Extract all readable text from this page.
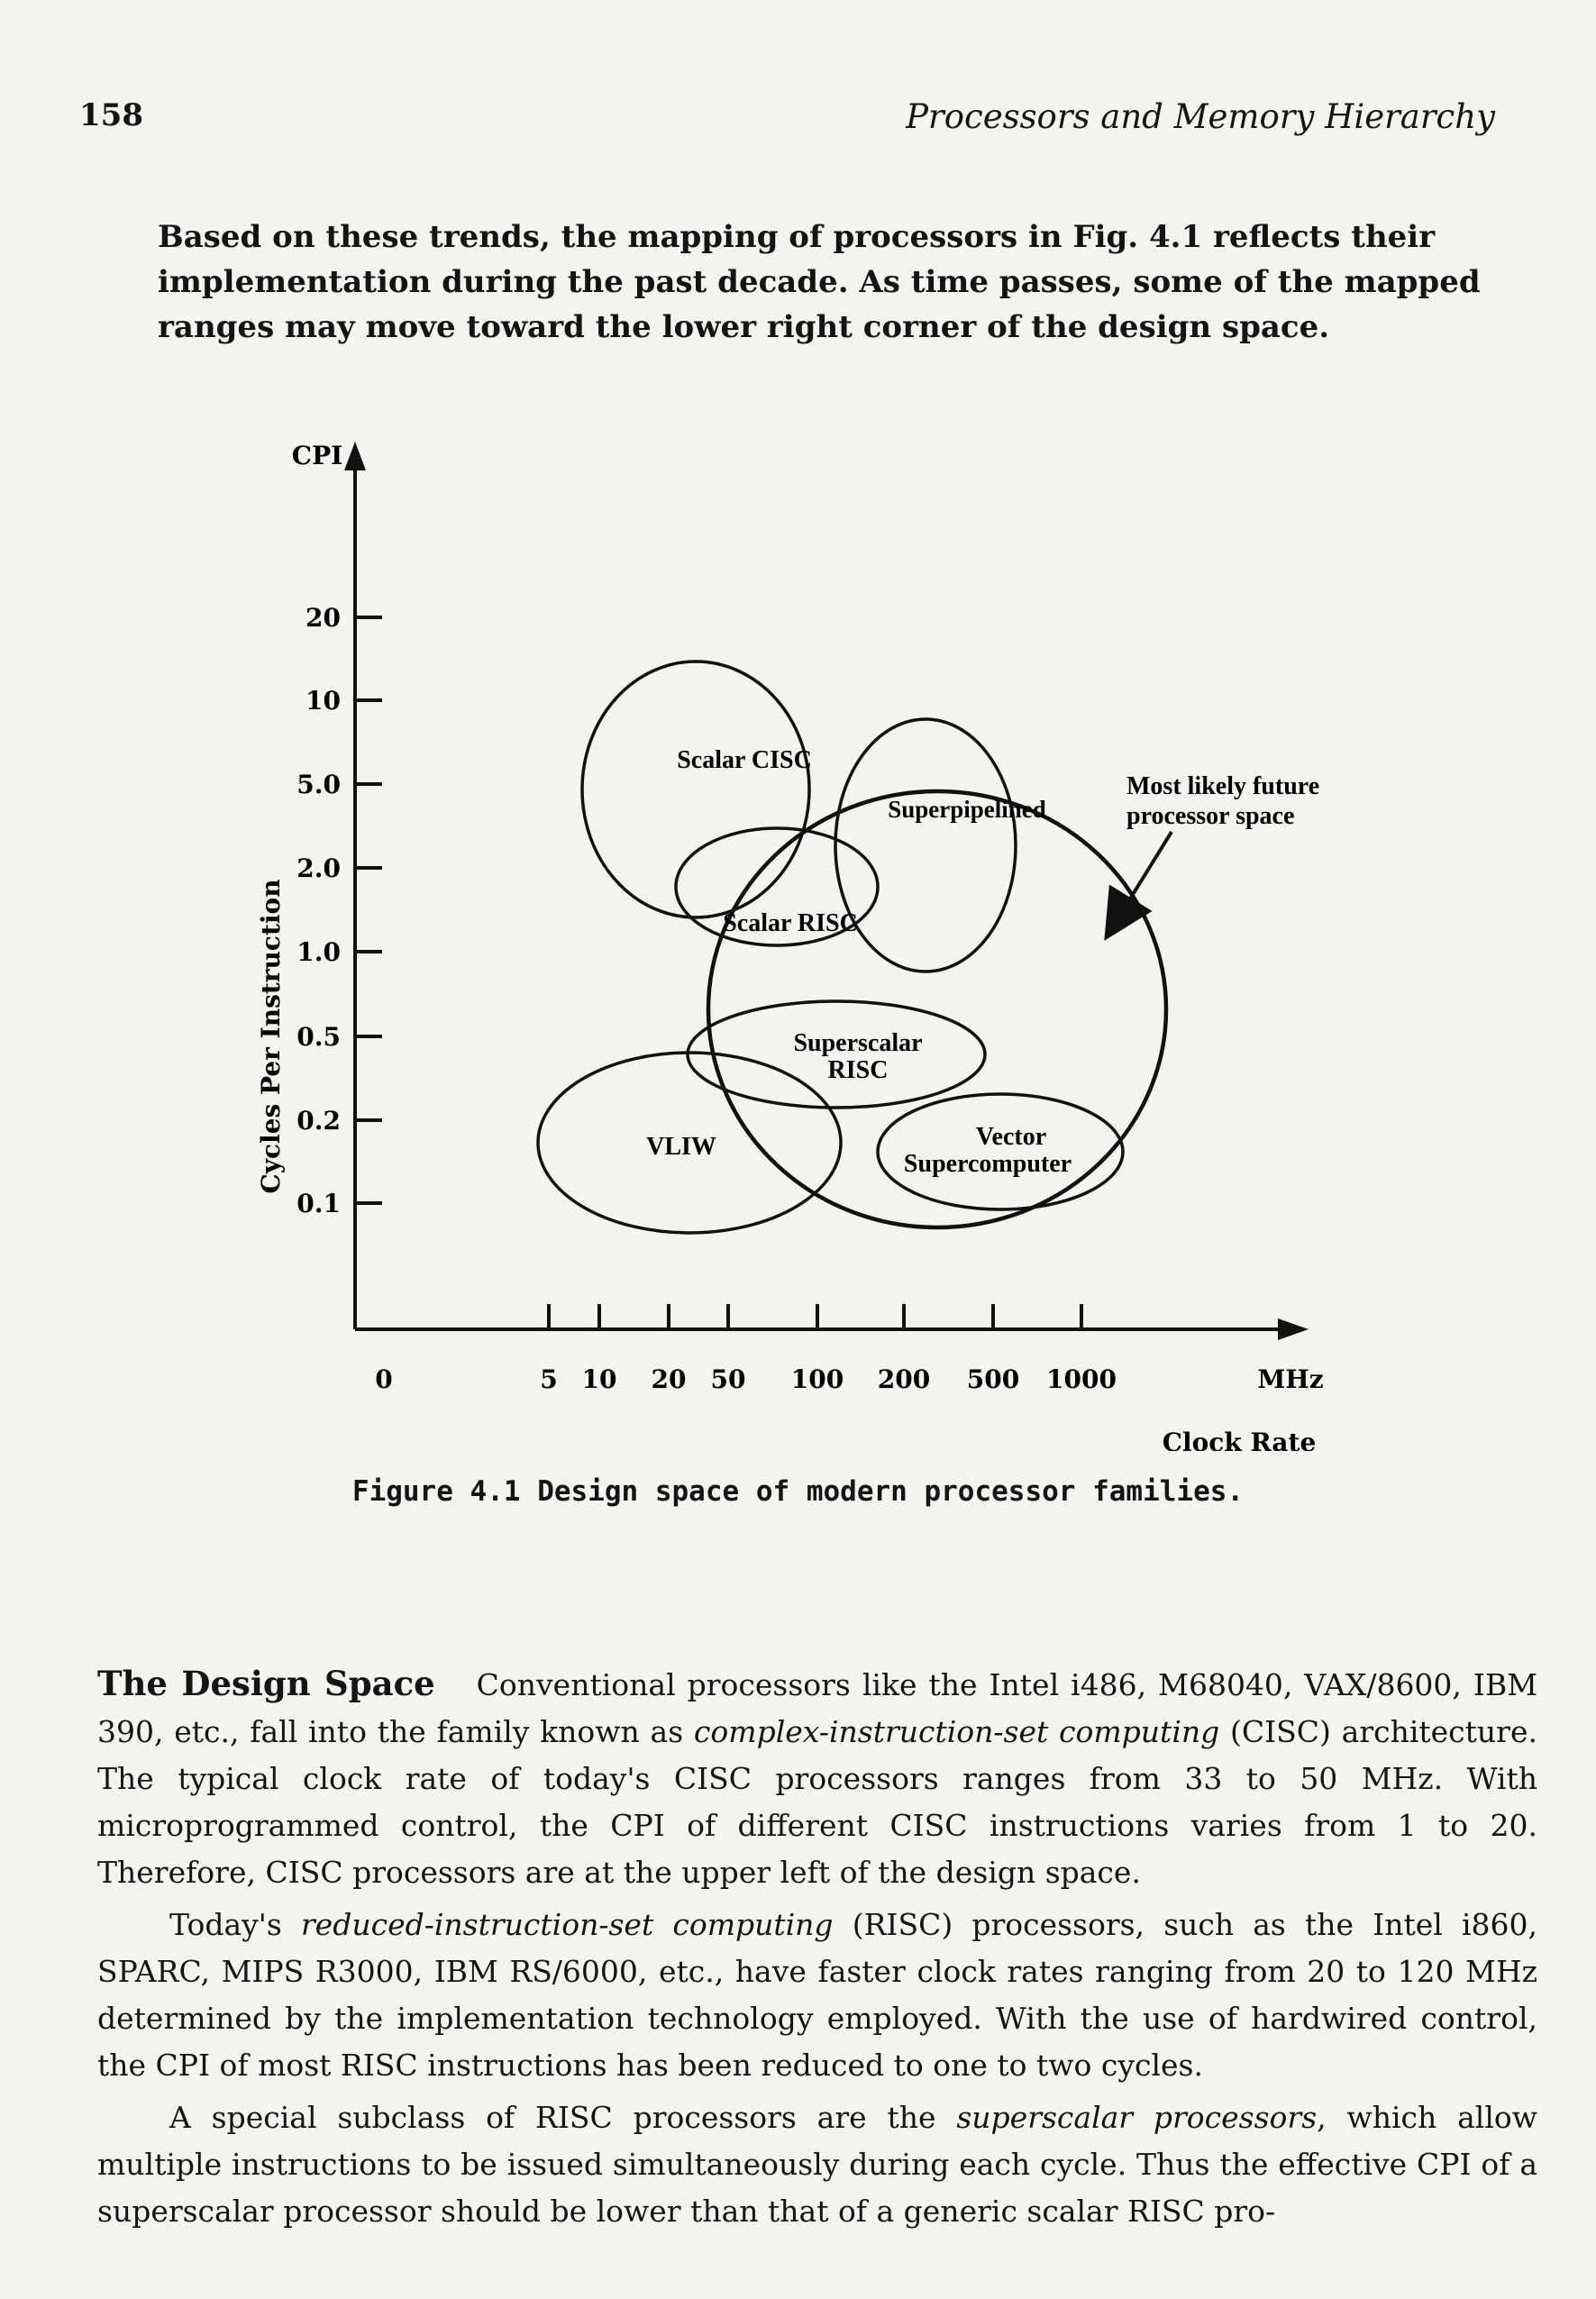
158	Processors and Memory Hierarchy
Based on these trends, the mapping of processors in Fig. 4.1 reflects their implementation during the past decade. As time passes, some of the mapped ranges may move toward the lower right corner of the design space.
20
10
5.0
2.0
1.0
0.5
0.2
0.1
5 10 20 50 100 200 500 1000
CPI
Cycles Per Instruction
0	MHz
Clock Rate
Scalar CISC
Superpipelined
Scalar RISC
Superscalar
RISC
VLIW	Vector
Supercomputer
Most likely future
processor space
Figure 4.1 Design space of modern processor families.

The Design Space Conventional processors like the Intel i486, M68040, VAX/8600, IBM 390, etc., fall into the family known as complex-instruction-set computing (CISC) architecture. The typical clock rate of today's CISC processors ranges from 33 to 50 MHz. With microprogrammed control, the CPI of different CISC instructions varies from 1 to 20. Therefore, CISC processors are at the upper left of the design space.

Today's reduced-instruction-set computing (RISC) processors, such as the Intel i860, SPARC, MIPS R3000, IBM RS/6000, etc., have faster clock rates ranging from 20 to 120 MHz determined by the implementation technology employed. With the use of hardwired control, the CPI of most RISC instructions has been reduced to one to two cycles.

A special subclass of RISC processors are the superscalar processors, which allow multiple instructions to be issued simultaneously during each cycle. Thus the effective CPI of a superscalar processor should be lower than that of a generic scalar RISC pro-
